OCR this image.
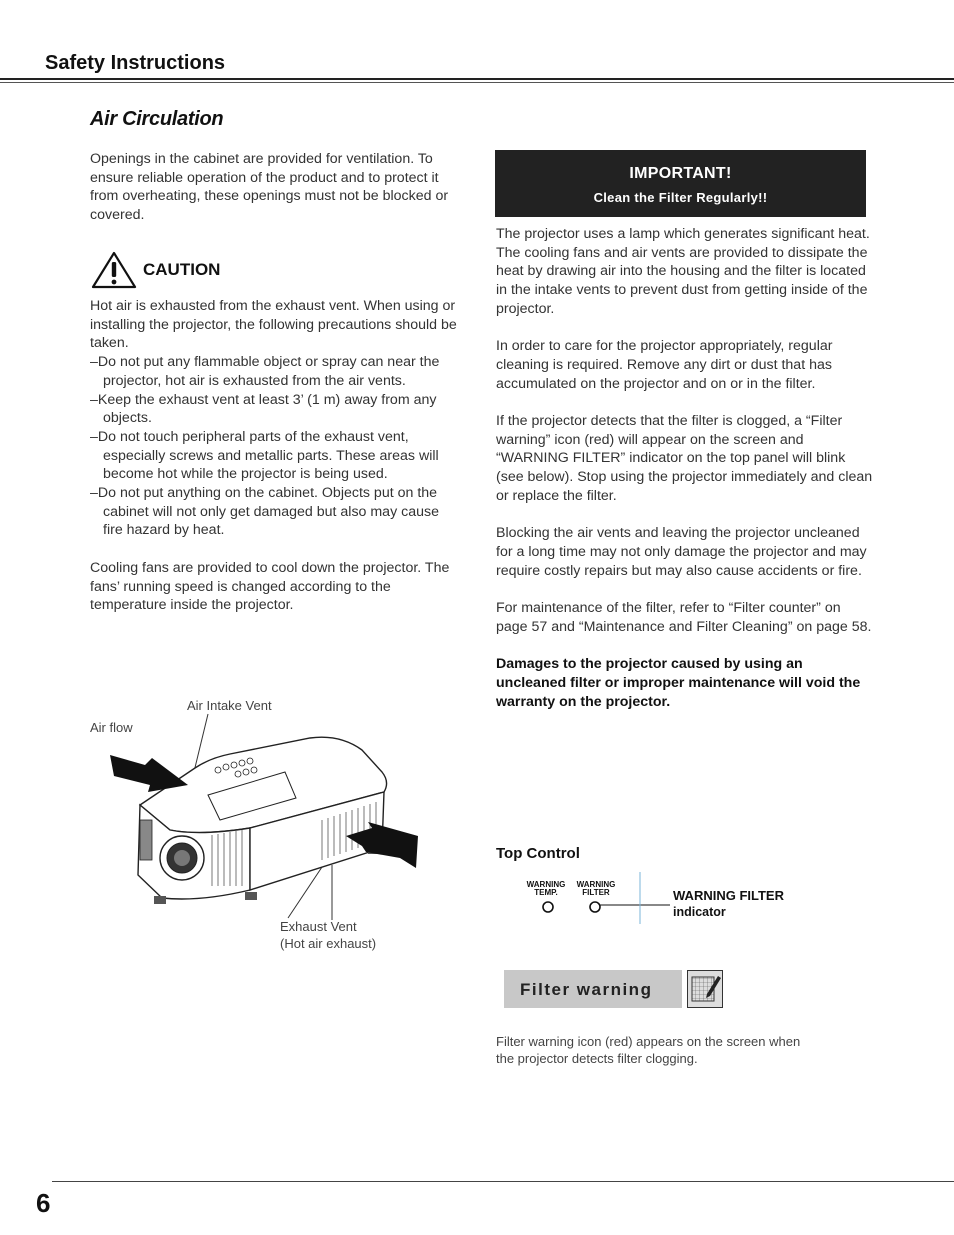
Safety Instructions
Air Circulation

Openings in the cabinet are provided for ventilation. To ensure reliable operation of the product and to protect it from overheating, these openings must not be blocked or covered.

CAUTION

Hot air is exhausted from the exhaust vent. When using or installing the projector, the following precautions should be taken.

–Do not put any flammable object or spray can near the projector, hot air is exhausted from the air vents.

–Keep the exhaust vent at least 3’ (1 m) away from any objects.

–Do not touch peripheral parts of the exhaust vent, especially screws and metallic parts. These areas will become hot while the projector is being used.

–Do not put anything on the cabinet. Objects put on the cabinet will not only get damaged but also may cause fire hazard by heat.

Cooling fans are provided to cool down the projector. The fans’ running speed is changed according to the temperature inside the projector.

Air Intake Vent
Air flow
Exhaust Vent
(Hot air exhaust)
IMPORTANT!
Clean the Filter Regularly!!

The projector uses a lamp which generates significant heat. The cooling fans and air vents are provided to dissipate the heat by drawing air into the housing and the filter is located in the intake vents to prevent dust from getting inside of the projector.

In order to care for the projector appropriately, regular cleaning is required. Remove any dirt or dust that has accumulated on the projector and on or in the filter.

If the projector detects that the filter is clogged, a “Filter warning” icon (red) will appear on the screen and “WARNING FILTER” indicator on the top panel will blink (see below). Stop using the projector immediately and clean or replace the filter.

Blocking the air vents and leaving the projector uncleaned for a long time may not only damage the projector and may require costly repairs but may also cause accidents or fire.

For maintenance of the filter, refer to “Filter counter” on page 57 and “Maintenance and Filter Cleaning” on page 58.

Damages to the projector caused by using an uncleaned filter or improper maintenance will void the warranty on the projector.

Top Control
WARNING
TEMP.
WARNING
FILTER	WARNING FILTER
indicator
Filter warning

Filter warning icon (red) appears on the screen when the projector detects filter clogging.

6
